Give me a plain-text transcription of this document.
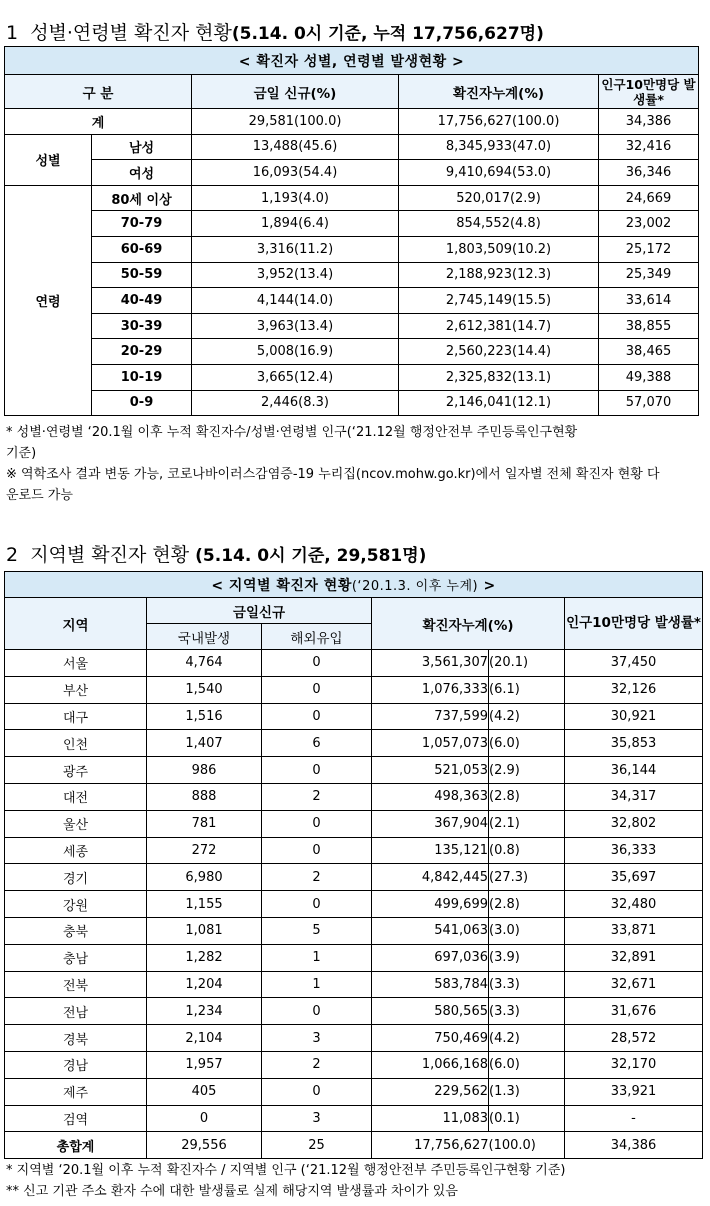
1 성별·연령별 확진자 현황(5.14. 0시 기준, 누적 17,756,627명)
< 확진자 성별, 연령별 발생현황 >				
구 분		금일 신규(%)	확진자누계(%)	인구10만명당 발생률*
계		29,581(100.0)	17,756,627(100.0)	34,386
성별	남성	13,488(45.6)	8,345,933(47.0)	32,416
	여성	16,093(54.4)	9,410,694(53.0)	36,346
연령	80세 이상	1,193(4.0)	520,017(2.9)	24,669
	70-79	1,894(6.4)	854,552(4.8)	23,002
	60-69	3,316(11.2)	1,803,509(10.2)	25,172
	50-59	3,952(13.4)	2,188,923(12.3)	25,349
	40-49	4,144(14.0)	2,745,149(15.5)	33,614
	30-39	3,963(13.4)	2,612,381(14.7)	38,855
	20-29	5,008(16.9)	2,560,223(14.4)	38,465
	10-19	3,665(12.4)	2,325,832(13.1)	49,388
	0-9	2,446(8.3)	2,146,041(12.1)	57,070
* 성별·연령별 ‘20.1월 이후 누적 확진자수/성별·연령별 인구(‘21.12월 행정안전부 주민등록인구현황
기준)
※ 역학조사 결과 변동 가능, 코로나바이러스감염증-19 누리집(ncov.mohw.go.kr)에서 일자별 전체 확진자 현황 다
운로드 가능
2 지역별 확진자 현황 (5.14. 0시 기준, 29,581명)
< 지역별 확진자 현황(‘20.1.3. 이후 누계) >					
지역	금일신규		확진자누계(%)		인구10만명당 발생률*
	국내발생	해외유입			
서울	4,764	0	3,561,307	(20.1)	37,450
부산	1,540	0	1,076,333	(6.1)	32,126
대구	1,516	0	737,599	(4.2)	30,921
인천	1,407	6	1,057,073	(6.0)	35,853
광주	986	0	521,053	(2.9)	36,144
대전	888	2	498,363	(2.8)	34,317
울산	781	0	367,904	(2.1)	32,802
세종	272	0	135,121	(0.8)	36,333
경기	6,980	2	4,842,445	(27.3)	35,697
강원	1,155	0	499,699	(2.8)	32,480
충북	1,081	5	541,063	(3.0)	33,871
충남	1,282	1	697,036	(3.9)	32,891
전북	1,204	1	583,784	(3.3)	32,671
전남	1,234	0	580,565	(3.3)	31,676
경북	2,104	3	750,469	(4.2)	28,572
경남	1,957	2	1,066,168	(6.0)	32,170
제주	405	0	229,562	(1.3)	33,921
검역	0	3	11,083	(0.1)	-
총합계	29,556	25	17,756,627	(100.0)	34,386
* 지역별 ‘20.1월 이후 누적 확진자수 / 지역별 인구 (‘21.12월 행정안전부 주민등록인구현황 기준)
** 신고 기관 주소 환자 수에 대한 발생률로 실제 해당지역 발생률과 차이가 있음
